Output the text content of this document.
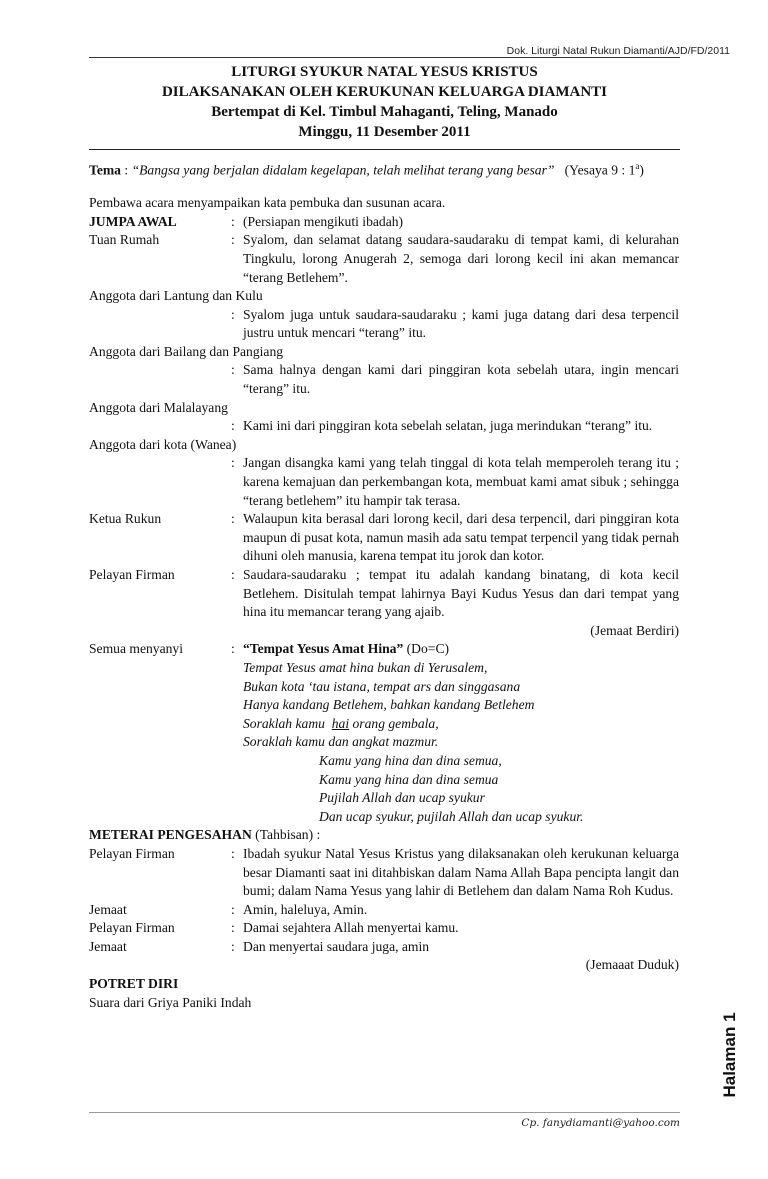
Dok. Liturgi Natal Rukun Diamanti/AJD/FD/2011
LITURGI SYUKUR NATAL YESUS KRISTUS
DILAKSANAKAN OLEH KERUKUNAN KELUARGA DIAMANTI
Bertempat di Kel. Timbul Mahaganti, Teling, Manado
Minggu, 11 Desember 2011
Tema : “Bangsa yang berjalan didalam kegelapan, telah melihat terang yang besar” (Yesaya 9 : 1$^a$)
Pembawa acara menyampaikan kata pembuka dan susunan acara.
JUMPA AWAL	: (Persiapan mengikuti ibadah)
Tuan Rumah	: Syalom, dan selamat datang saudara-saudaraku di tempat kami, di kelurahan Tingkulu, lorong Anugerah 2, semoga dari lorong kecil ini akan memancar “terang Betlehem”.
Anggota dari Lantung dan Kulu
: Syalom juga untuk saudara-saudaraku ; kami juga datang dari desa terpencil justru untuk mencari “terang” itu.
Anggota dari Bailang dan Pangiang
: Sama halnya dengan kami dari pinggiran kota sebelah utara, ingin mencari “terang” itu.
Anggota dari Malalayang
: Kami ini dari pinggiran kota sebelah selatan, juga merindukan “terang” itu.
Anggota dari kota (Wanea)
: Jangan disangka kami yang telah tinggal di kota telah memperoleh terang itu ; karena kemajuan dan perkembangan kota, membuat kami amat sibuk ; sehingga “terang betlehem” itu hampir tak terasa.
Ketua Rukun	: Walaupun kita berasal dari lorong kecil, dari desa terpencil, dari pinggiran kota maupun di pusat kota, namun masih ada satu tempat terpencil yang tidak pernah dihuni oleh manusia, karena tempat itu jorok dan kotor.
Pelayan Firman	: Saudara-saudaraku ; tempat itu adalah kandang binatang, di kota kecil Betlehem. Disitulah tempat lahirnya Bayi Kudus Yesus dan dari tempat yang hina itu memancar terang yang ajaib.
(Jemaat Berdiri)
Semua menyanyi	: “Tempat Yesus Amat Hina” (Do=C)
Tempat Yesus amat hina bukan di Yerusalem,
Bukan kota ‘tau istana, tempat ars dan singgasana
Hanya kandang Betlehem, bahkan kandang Betlehem
Soraklah kamu  hai orang gembala,
Soraklah kamu dan angkat mazmur.
Kamu yang hina dan dina semua,
Kamu yang hina dan dina semua
Pujilah Allah dan ucap syukur
Dan ucap syukur, pujilah Allah dan ucap syukur.
METERAI PENGESAHAN (Tahbisan) :
Pelayan Firman	: Ibadah syukur Natal Yesus Kristus yang dilaksanakan oleh kerukunan keluarga besar Diamanti saat ini ditahbiskan dalam Nama Allah Bapa pencipta langit dan bumi; dalam Nama Yesus yang lahir di Betlehem dan dalam Nama Roh Kudus.
Jemaat	: Amin, haleluya, Amin.
Pelayan Firman	: Damai sejahtera Allah menyertai kamu.
Jemaat	: Dan menyertai saudara juga, amin
(Jemaaat Duduk)
POTRET DIRI
Suara dari Griya Paniki Indah
Halaman 1
Cp. fanydiamanti@yahoo.com
